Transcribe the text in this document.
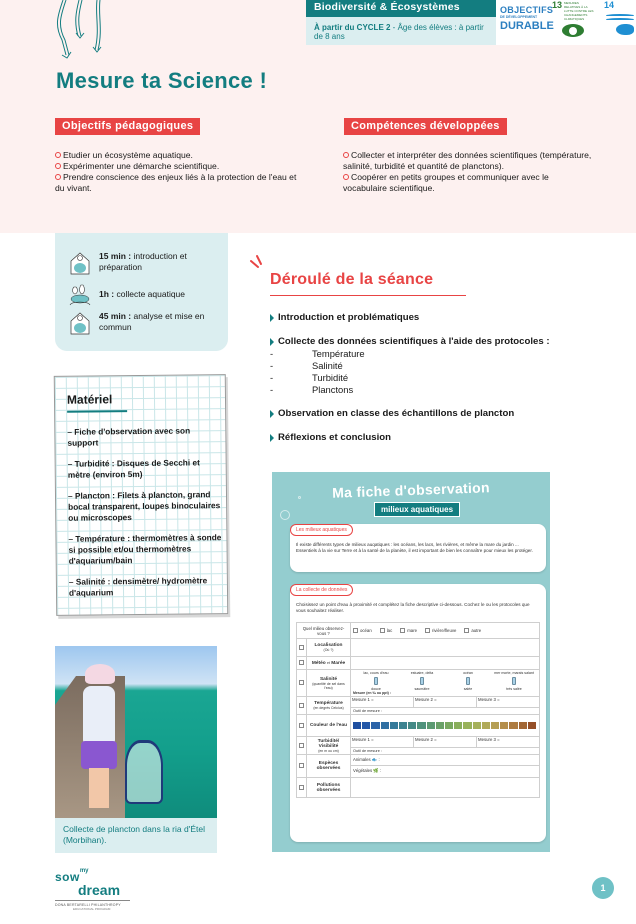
Biodiversité & Écosystèmes
À partir du CYCLE 2 - Âge des élèves : à partir de 8 ans
OBJECTIFS
DE DÉVELOPPEMENT
DURABLE
13 MESURES RELATIVES À LA LUTTE CONTRE LES CHANGEMENTS CLIMATIQUES
14
Mesure ta Science !
Objectifs pédagogiques
Etudier un écosystème aquatique.
Expérimenter une démarche scientifique.
Prendre conscience des enjeux liés à la protection de l'eau et du vivant.
Compétences développées
Collecter et interpréter des données scientifiques (température, salinité, turbidité et quantité de planctons).
Coopérer en petits groupes et communiquer avec le vocabulaire scientifique.
15 min : introduction et préparation
1h : collecte aquatique
45 min : analyse et mise en commun
Déroulé de la séance
Introduction et problématiques
Collecte des données scientifiques à l'aide des protocoles :
-	Température
-	Salinité
-	Turbidité
-	Planctons
Observation en classe des échantillons de plancton
Réflexions et conclusion
Matériel
– Fiche d'observation avec son support
– Turbidité : Disques de Secchi et mètre (environ 5m)
– Plancton : Filets à plancton, grand bocal transparent, loupes binoculaires ou microscopes
– Température : thermomètres à sonde si possible et/ou thermomètres d'aquarium/bain
– Salinité : densimètre/ hydromètre d'aquarium
Collecte de plancton dans la ria d'Étel (Morbihan).
Ma fiche d'observation
milieux aquatiques
Les milieux aquatiques
Il existe différents types de milieux auqatiques : les océans, les lacs, les rivières, et même la mare du jardin ... Essentiels à la vie sur Terre et à la santé de la planète, il est important de bien les connaître pour mieux les protéger.
La collecte de données
Choisissez un point d'eau à proximité et complétez la fiche descriptive ci-dessous. Cochez le ou les protocoles que vous souhaitez réaliser.
Quel milieu observez-vous ?		océan lac mare rivière/fleuve autre

	Localisation
(Où ?)	

	Météo et Marée	
	Salinité
(quantité de sel dans l'eau)

lac, cours d'eau
douce
estuaire, delta
saumâtre
océan
salée
mer morte, marais salant
très salée
Mesure (en ‰ ou ppt) :

	Température
(en degrés Celcius)

Mesure 1 =	Mesure 2 =	Mesure 3 =
Outil de mesure :

	Couleur de l'eau	

	Turbidité/ Visibilité
(en m ou cm)

Mesure 1 =	Mesure 2 =	Mesure 3 =
Outil de mesure :

	Espèces observées	Animales 🐟 :
Végétales 🌿 :

	Pollutions observées	
sow$^{my}$
dream
DONA BERTARELLI PHILANTHROPY
EDUCATIONAL PROGRAM
1
